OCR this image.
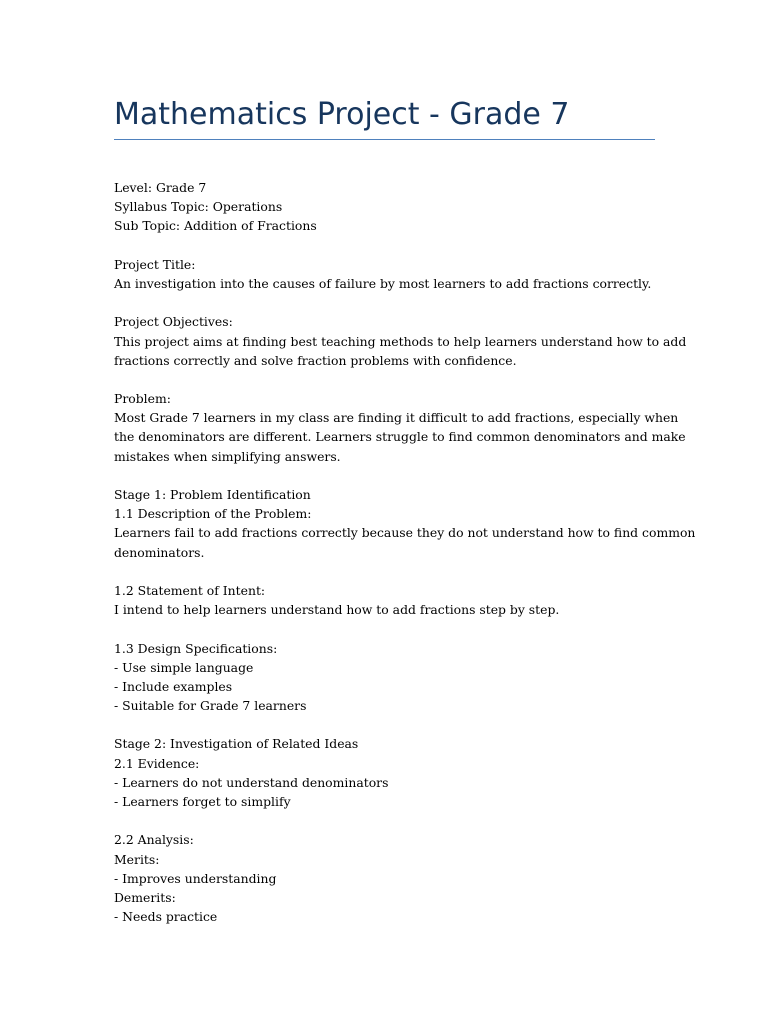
Mathematics Project - Grade 7
Level: Grade 7
Syllabus Topic: Operations
Sub Topic: Addition of Fractions
Project Title:
An investigation into the causes of failure by most learners to add fractions correctly.
Project Objectives:
This project aims at finding best teaching methods to help learners understand how to add
fractions correctly and solve fraction problems with confidence.
Problem:
Most Grade 7 learners in my class are finding it difficult to add fractions, especially when
the denominators are different. Learners struggle to find common denominators and make
mistakes when simplifying answers.
Stage 1: Problem Identification
1.1 Description of the Problem:
Learners fail to add fractions correctly because they do not understand how to find common
denominators.
1.2 Statement of Intent:
I intend to help learners understand how to add fractions step by step.
1.3 Design Specifications:
- Use simple language
- Include examples
- Suitable for Grade 7 learners
Stage 2: Investigation of Related Ideas
2.1 Evidence:
- Learners do not understand denominators
- Learners forget to simplify
2.2 Analysis:
Merits:
- Improves understanding
Demerits:
- Needs practice
